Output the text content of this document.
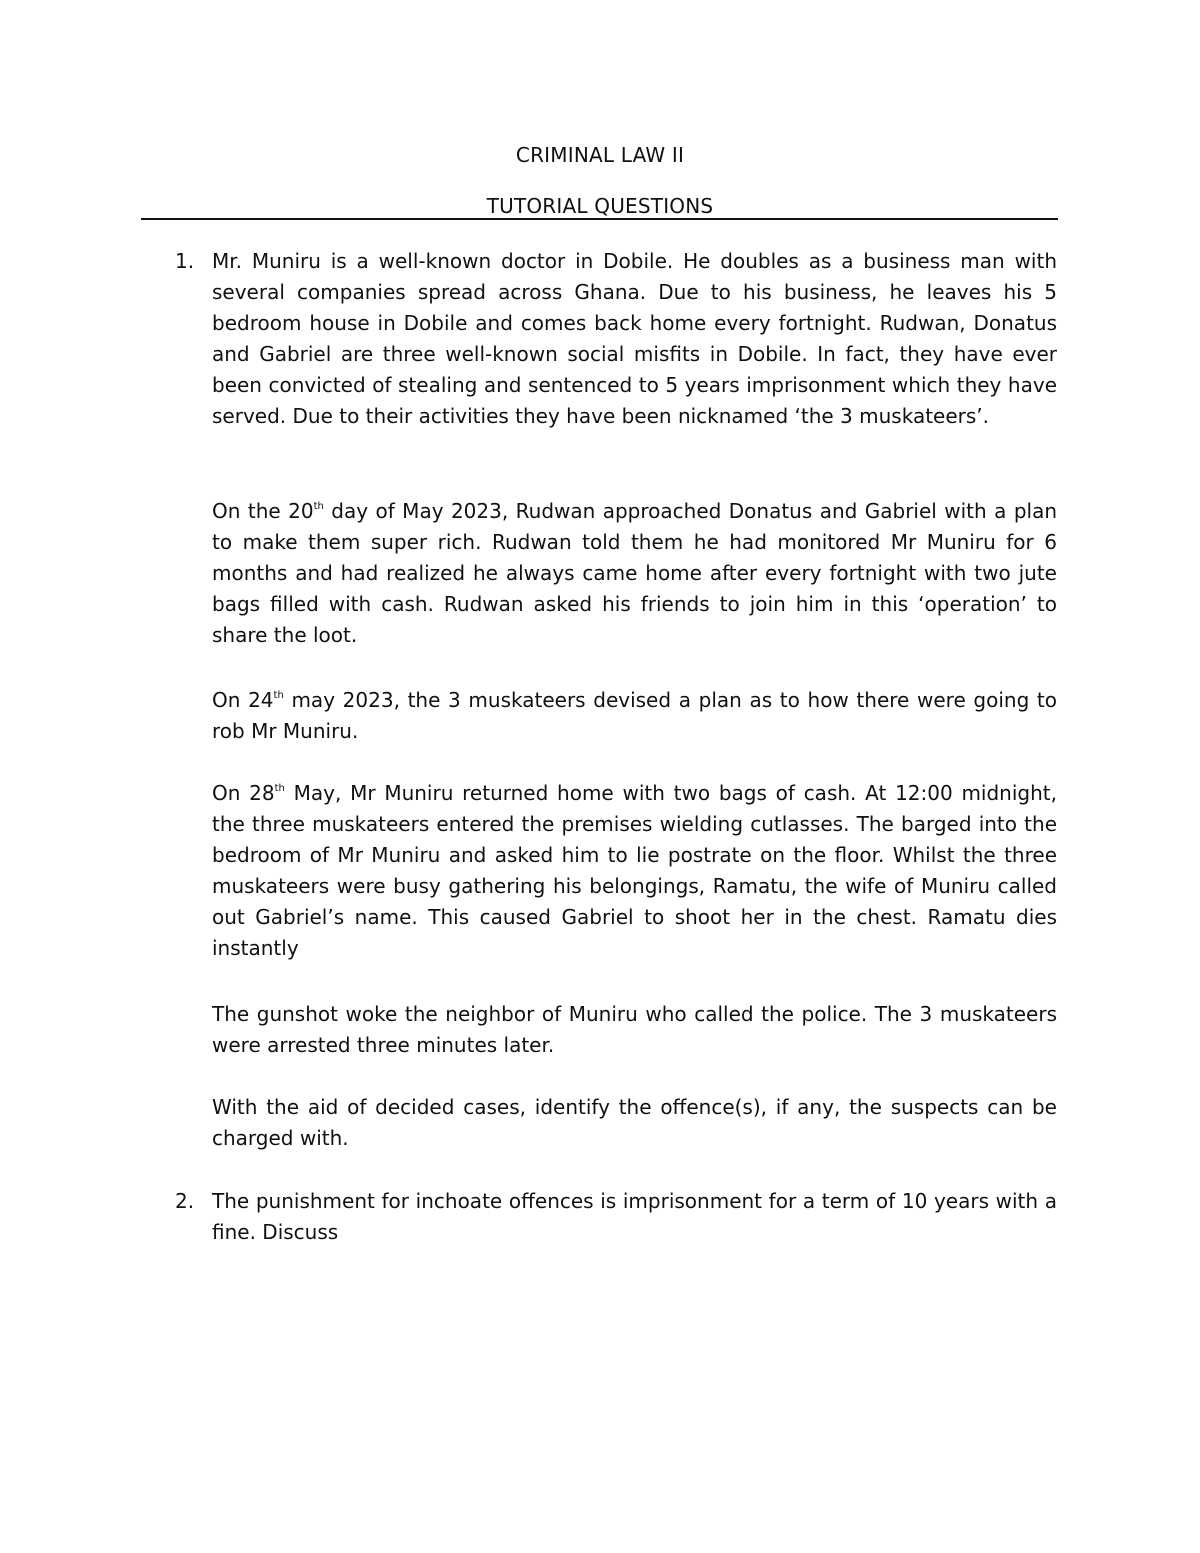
CRIMINAL LAW II
TUTORIAL QUESTIONS
1. Mr. Muniru is a well-known doctor in Dobile. He doubles as a business man with several companies spread across Ghana. Due to his business, he leaves his 5 bedroom house in Dobile and comes back home every fortnight. Rudwan, Donatus and Gabriel are three well-known social misfits in Dobile. In fact, they have ever been convicted of stealing and sentenced to 5 years imprisonment which they have served. Due to their activities they have been nicknamed ‘the 3 muskateers’.

On the 20th day of May 2023, Rudwan approached Donatus and Gabriel with a plan to make them super rich. Rudwan told them he had monitored Mr Muniru for 6 months and had realized he always came home after every fortnight with two jute bags filled with cash. Rudwan asked his friends to join him in this ‘operation’ to share the loot.

On 24th may 2023, the 3 muskateers devised a plan as to how there were going to rob Mr Muniru.

On 28th May, Mr Muniru returned home with two bags of cash. At 12:00 midnight, the three muskateers entered the premises wielding cutlasses. The barged into the bedroom of Mr Muniru and asked him to lie postrate on the floor. Whilst the three muskateers were busy gathering his belongings, Ramatu, the wife of Muniru called out Gabriel’s name. This caused Gabriel to shoot her in the chest. Ramatu dies instantly

The gunshot woke the neighbor of Muniru who called the police. The 3 muskateers were arrested three minutes later.

With the aid of decided cases, identify the offence(s), if any, the suspects can be charged with.

2. The punishment for inchoate offences is imprisonment for a term of 10 years with a fine. Discuss
